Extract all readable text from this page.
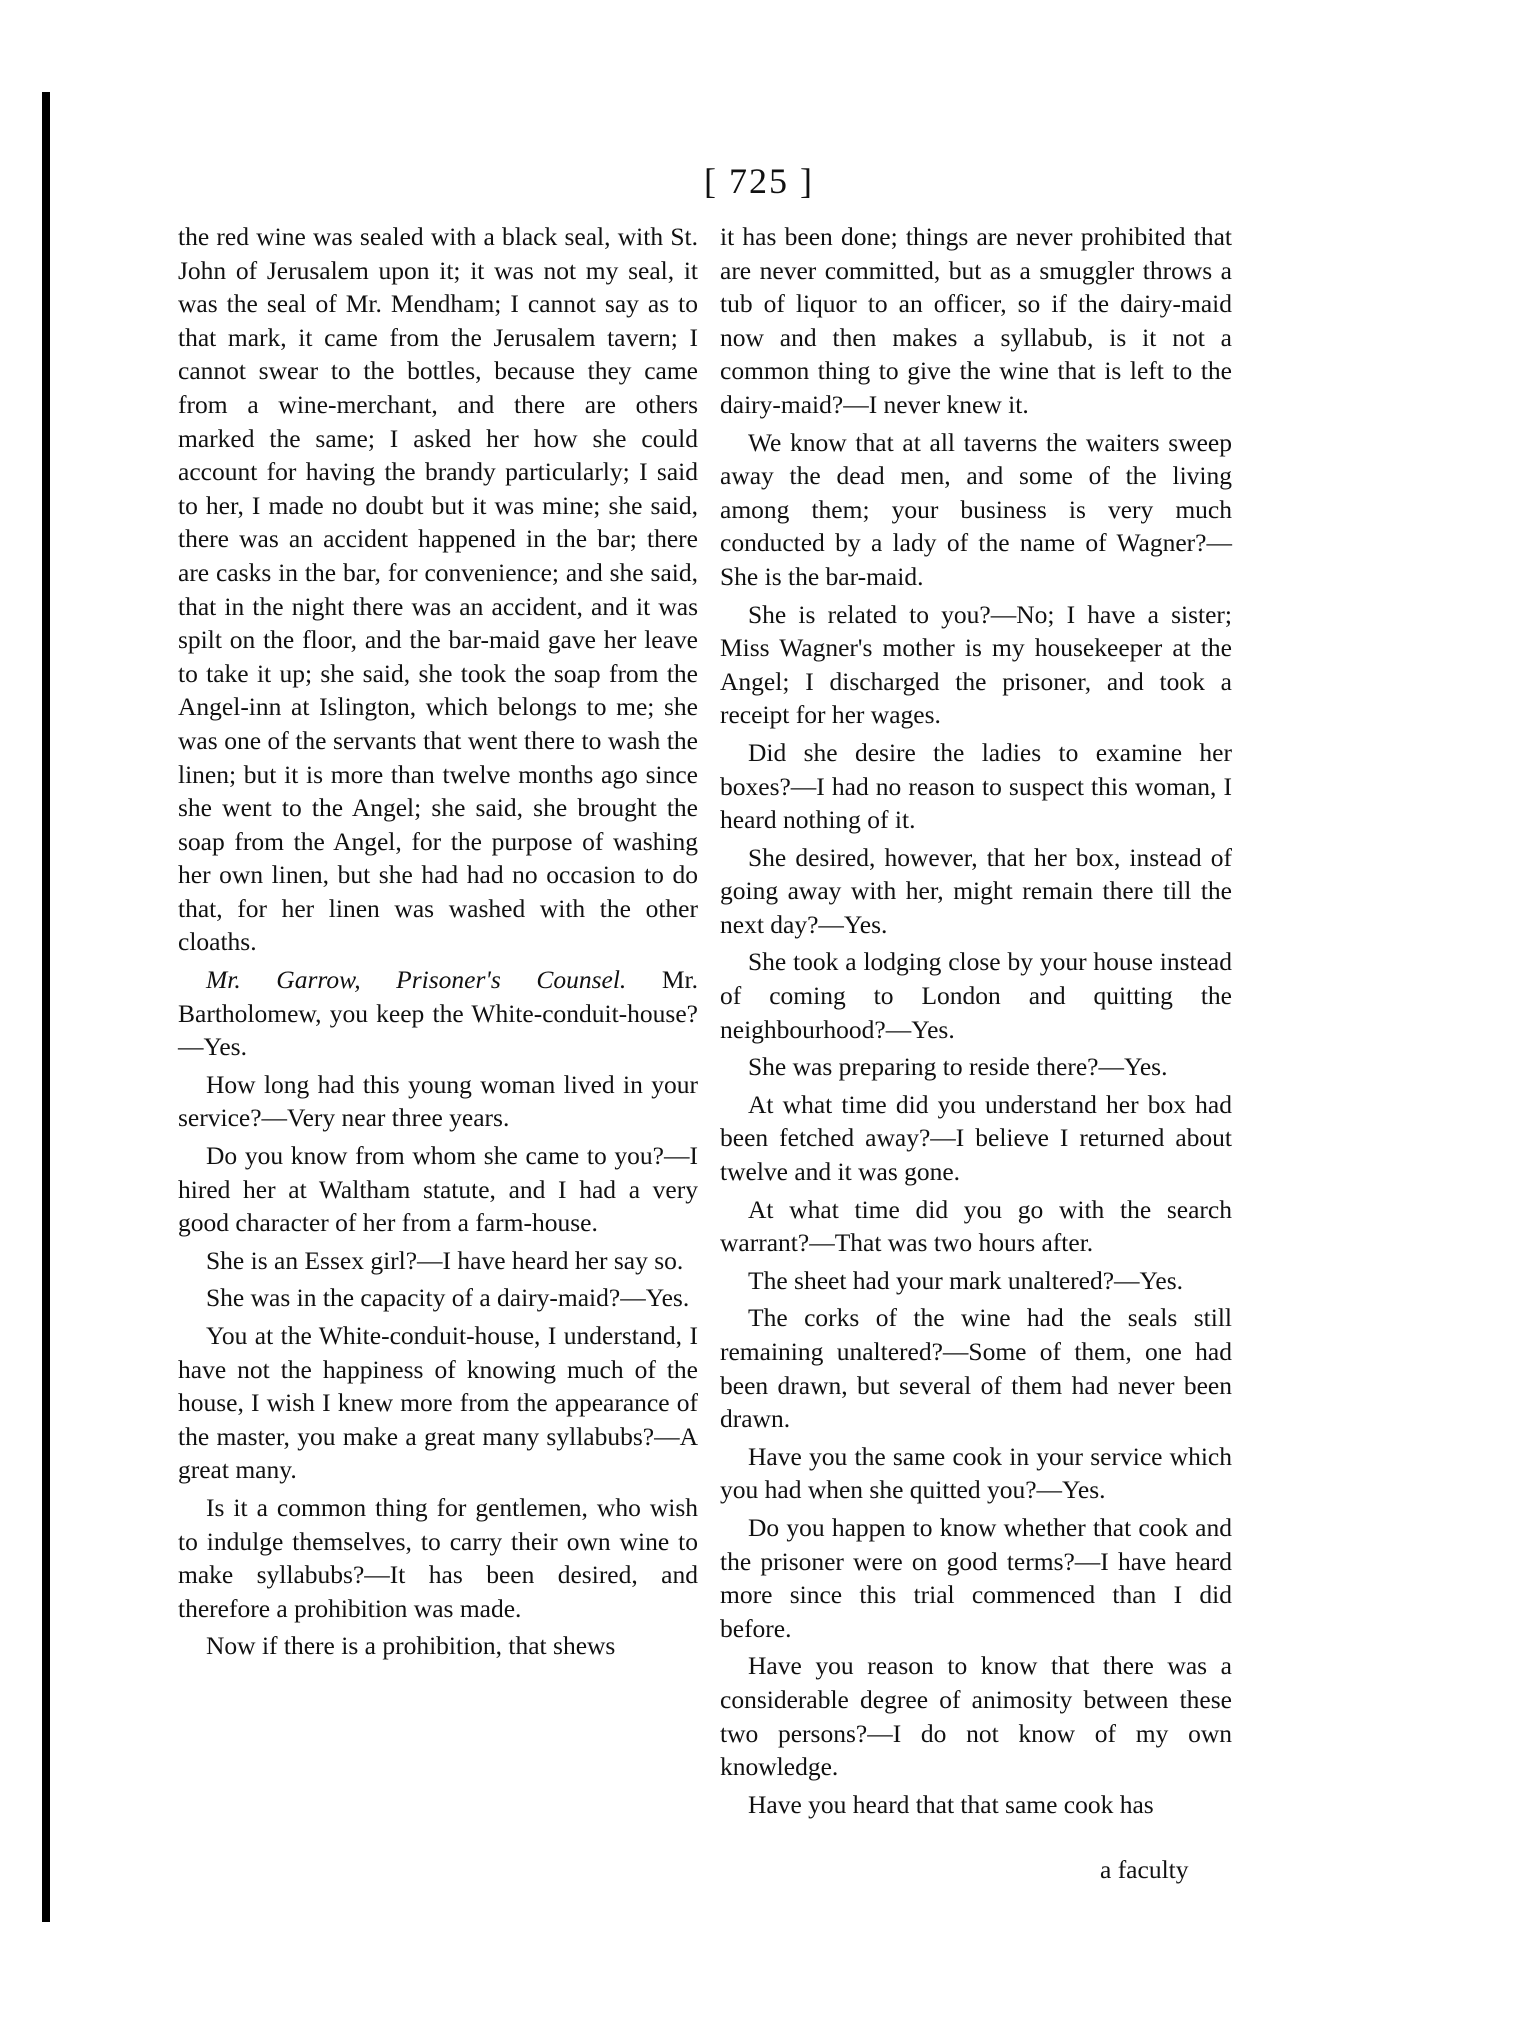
[ 725 ]

the red wine was sealed with a black seal, with St. John of Jerusalem upon it; it was not my seal, it was the seal of Mr. Mendham; I cannot say as to that mark, it came from the Jerusalem tavern; I cannot swear to the bottles, because they came from a wine-merchant, and there are others marked the same; I asked her how she could account for having the brandy particularly; I said to her, I made no doubt but it was mine; she said, there was an accident happened in the bar; there are casks in the bar, for convenience; and she said, that in the night there was an accident, and it was spilt on the floor, and the bar-maid gave her leave to take it up; she said, she took the soap from the Angel-inn at Islington, which belongs to me; she was one of the servants that went there to wash the linen; but it is more than twelve months ago since she went to the Angel; she said, she brought the soap from the Angel, for the purpose of washing her own linen, but she had had no occasion to do that, for her linen was washed with the other cloaths.

Mr. Garrow, Prisoner's Counsel. Mr. Bartholomew, you keep the White-conduit-house?—Yes.

How long had this young woman lived in your service?—Very near three years.

Do you know from whom she came to you?—I hired her at Waltham statute, and I had a very good character of her from a farm-house.

She is an Essex girl?—I have heard her say so.

She was in the capacity of a dairy-maid?—Yes.

You at the White-conduit-house, I understand, I have not the happiness of knowing much of the house, I wish I knew more from the appearance of the master, you make a great many syllabubs?—A great many.

Is it a common thing for gentlemen, who wish to indulge themselves, to carry their own wine to make syllabubs?—It has been desired, and therefore a prohibition was made.

Now if there is a prohibition, that shews

it has been done; things are never prohibited that are never committed, but as a smuggler throws a tub of liquor to an officer, so if the dairy-maid now and then makes a syllabub, is it not a common thing to give the wine that is left to the dairy-maid?—I never knew it.

We know that at all taverns the waiters sweep away the dead men, and some of the living among them; your business is very much conducted by a lady of the name of Wagner?—She is the bar-maid.

She is related to you?—No; I have a sister; Miss Wagner's mother is my housekeeper at the Angel; I discharged the prisoner, and took a receipt for her wages.

Did she desire the ladies to examine her boxes?—I had no reason to suspect this woman, I heard nothing of it.

She desired, however, that her box, instead of going away with her, might remain there till the next day?—Yes.

She took a lodging close by your house instead of coming to London and quitting the neighbourhood?—Yes.

She was preparing to reside there?—Yes.

At what time did you understand her box had been fetched away?—I believe I returned about twelve and it was gone.

At what time did you go with the search warrant?—That was two hours after.

The sheet had your mark unaltered?—Yes.

The corks of the wine had the seals still remaining unaltered?—Some of them, one had been drawn, but several of them had never been drawn.

Have you the same cook in your service which you had when she quitted you?—Yes.

Do you happen to know whether that cook and the prisoner were on good terms?—I have heard more since this trial commenced than I did before.

Have you reason to know that there was a considerable degree of animosity between these two persons?—I do not know of my own knowledge.

Have you heard that that same cook has

a faculty
